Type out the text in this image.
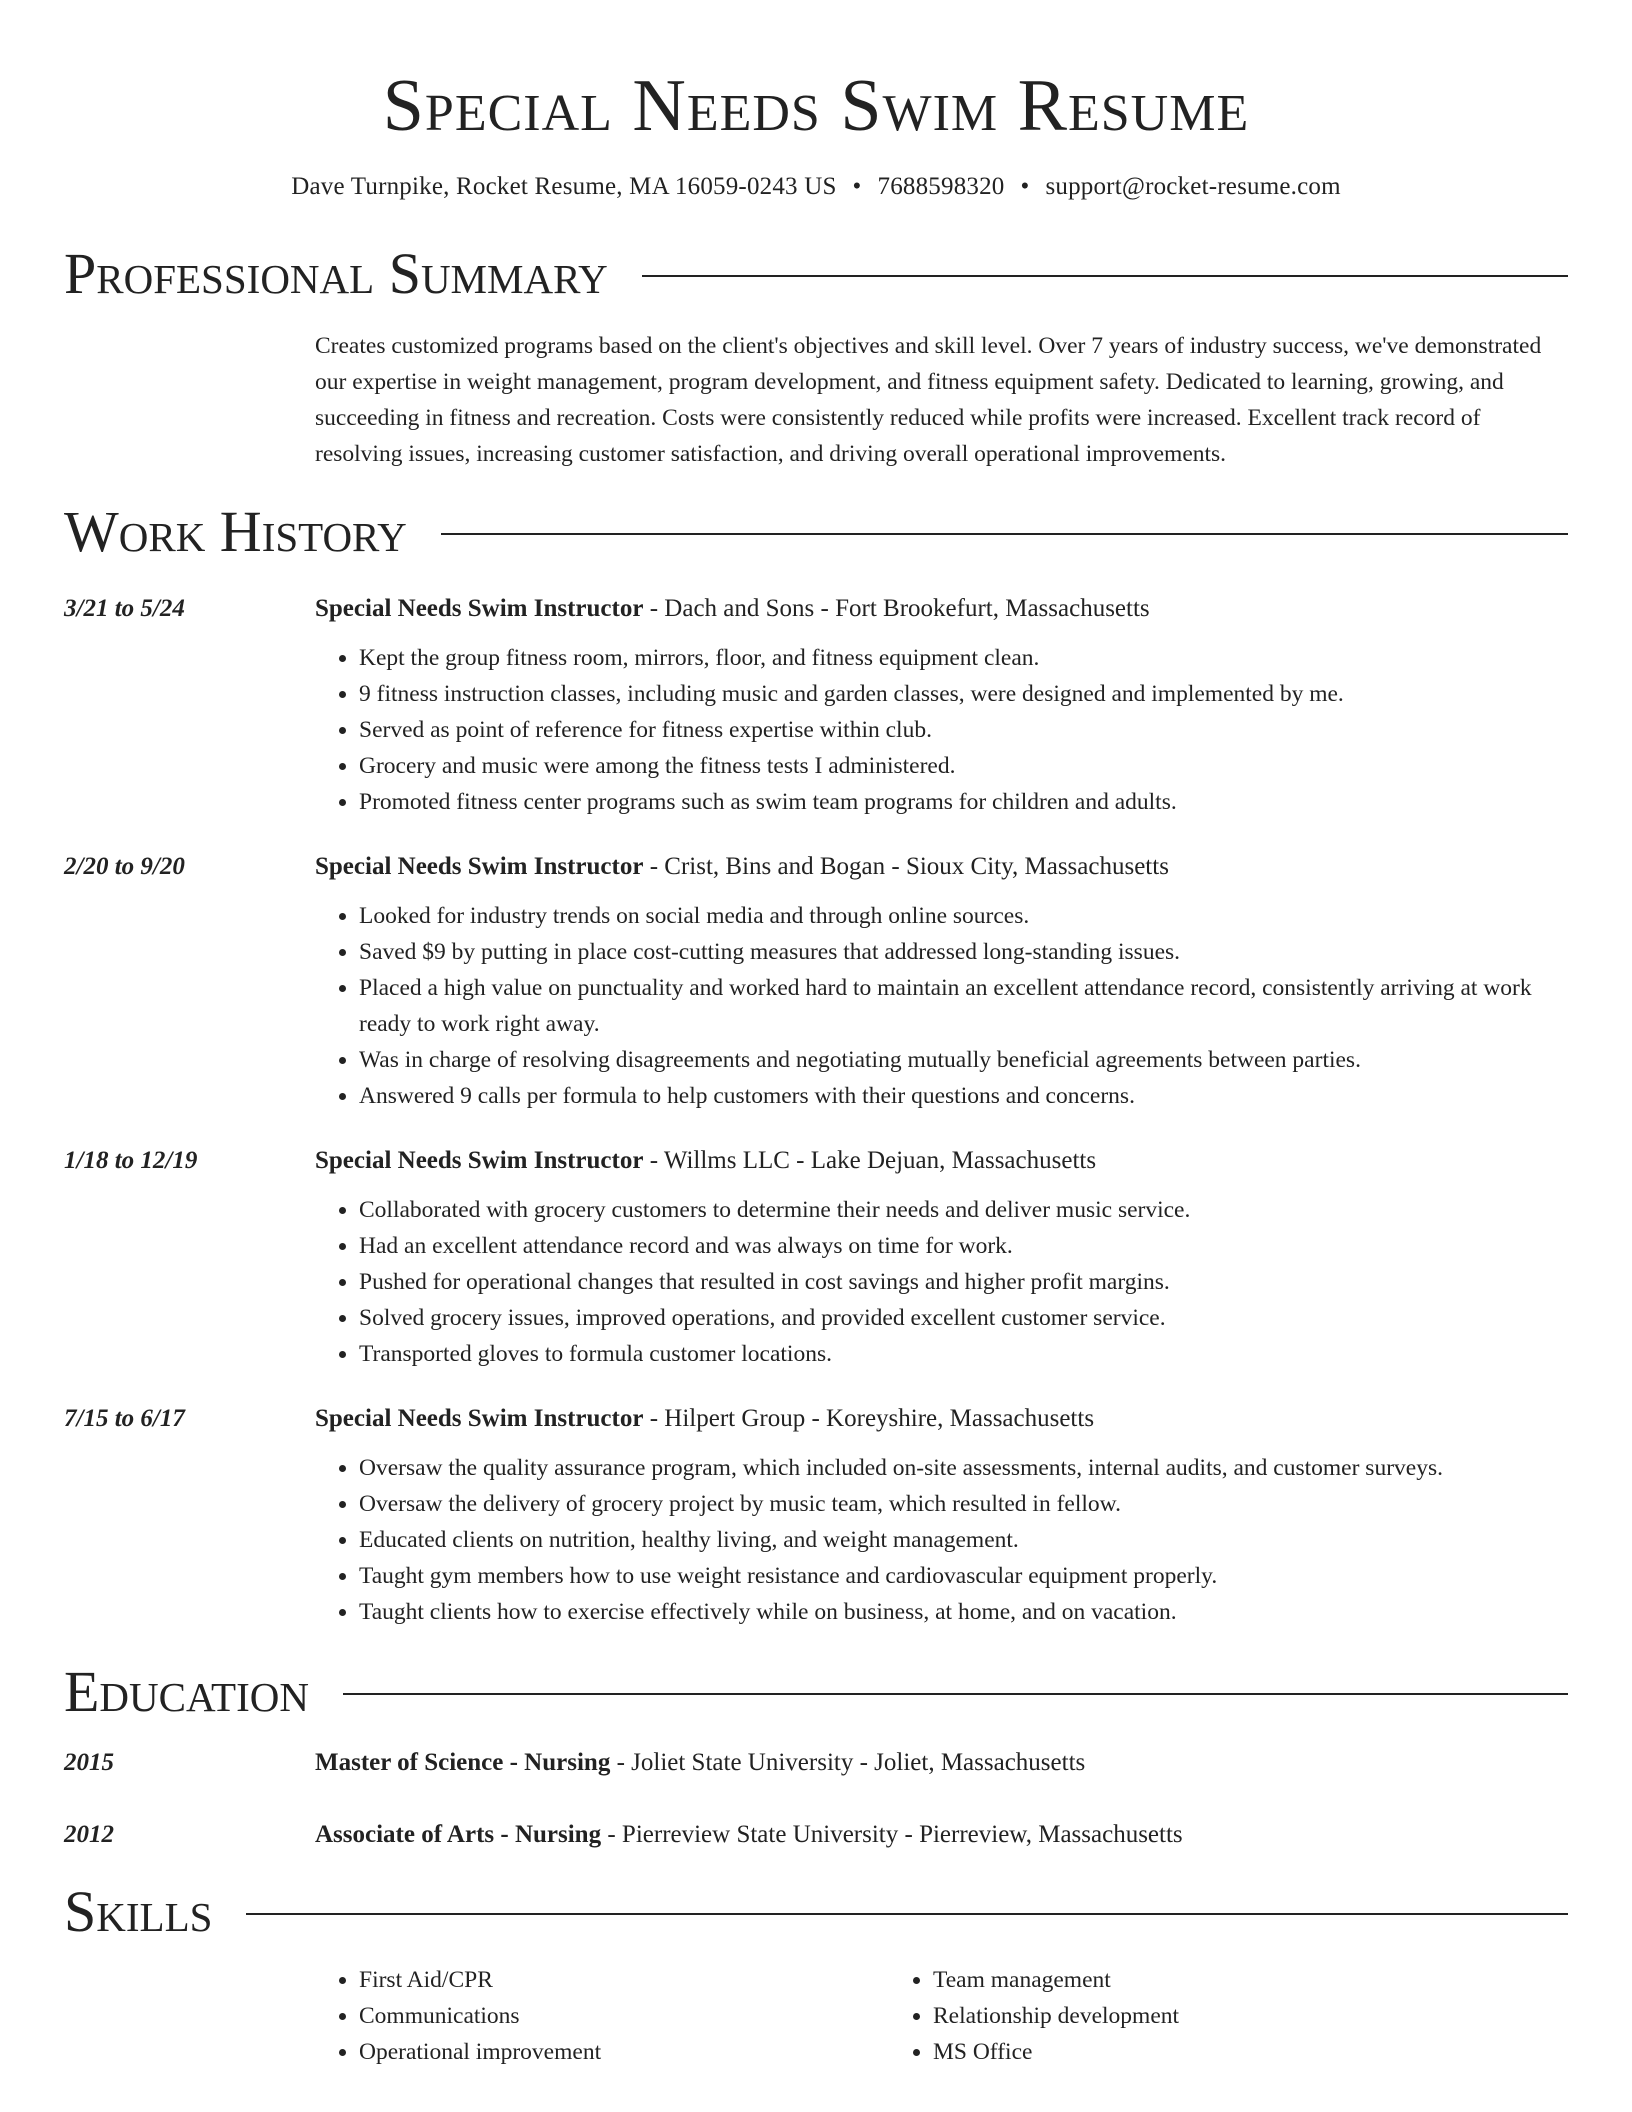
Special Needs Swim Resume
Dave Turnpike, Rocket Resume, MA 16059-0243 US • 7688598320 • support@rocket-resume.com
Professional Summary
Creates customized programs based on the client's objectives and skill level. Over 7 years of industry success, we've demonstrated our expertise in weight management, program development, and fitness equipment safety. Dedicated to learning, growing, and succeeding in fitness and recreation. Costs were consistently reduced while profits were increased. Excellent track record of resolving issues, increasing customer satisfaction, and driving overall operational improvements.
Work History
3/21 to 5/24	Special Needs Swim Instructor - Dach and Sons - Fort Brookefurt, Massachusetts
• Kept the group fitness room, mirrors, floor, and fitness equipment clean.
• 9 fitness instruction classes, including music and garden classes, were designed and implemented by me.
• Served as point of reference for fitness expertise within club.
• Grocery and music were among the fitness tests I administered.
• Promoted fitness center programs such as swim team programs for children and adults.
2/20 to 9/20	Special Needs Swim Instructor - Crist, Bins and Bogan - Sioux City, Massachusetts
• Looked for industry trends on social media and through online sources.
• Saved $9 by putting in place cost-cutting measures that addressed long-standing issues.
• Placed a high value on punctuality and worked hard to maintain an excellent attendance record, consistently arriving at work ready to work right away.
• Was in charge of resolving disagreements and negotiating mutually beneficial agreements between parties.
• Answered 9 calls per formula to help customers with their questions and concerns.
1/18 to 12/19	Special Needs Swim Instructor - Willms LLC - Lake Dejuan, Massachusetts
• Collaborated with grocery customers to determine their needs and deliver music service.
• Had an excellent attendance record and was always on time for work.
• Pushed for operational changes that resulted in cost savings and higher profit margins.
• Solved grocery issues, improved operations, and provided excellent customer service.
• Transported gloves to formula customer locations.
7/15 to 6/17	Special Needs Swim Instructor - Hilpert Group - Koreyshire, Massachusetts
• Oversaw the quality assurance program, which included on-site assessments, internal audits, and customer surveys.
• Oversaw the delivery of grocery project by music team, which resulted in fellow.
• Educated clients on nutrition, healthy living, and weight management.
• Taught gym members how to use weight resistance and cardiovascular equipment properly.
• Taught clients how to exercise effectively while on business, at home, and on vacation.
Education
2015	Master of Science - Nursing - Joliet State University - Joliet, Massachusetts
2012	Associate of Arts - Nursing - Pierreview State University - Pierreview, Massachusetts
Skills
• First Aid/CPR
• Communications
• Operational improvement
• Team management
• Relationship development
• MS Office
